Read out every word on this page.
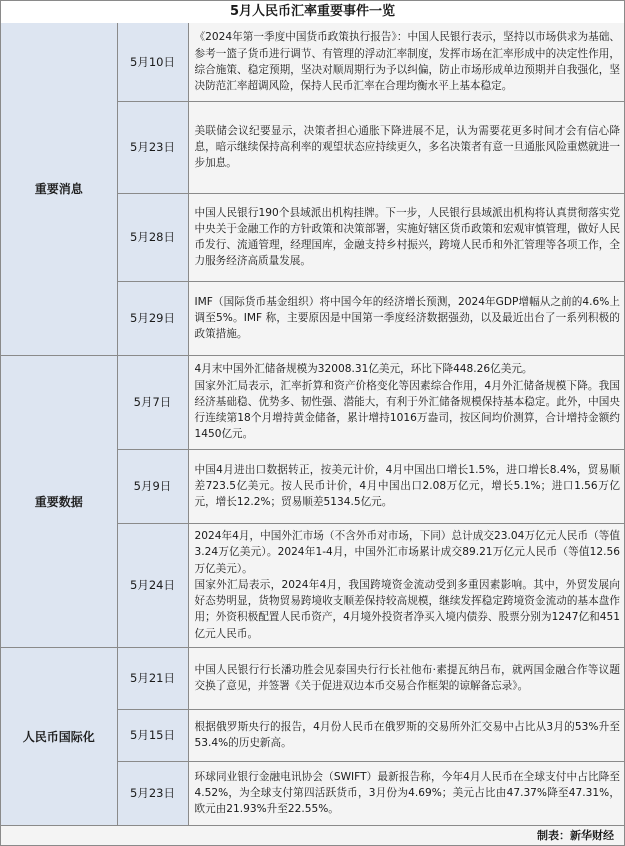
5月人民币汇率重要事件一览
重要消息	5月10日	《2024年第一季度中国货币政策执行报告》：中国人民银行表示，坚持以市场供求为基础、参考一篮子货币进行调节、有管理的浮动汇率制度，发挥市场在汇率形成中的决定性作用，综合施策、稳定预期，坚决对顺周期行为予以纠偏，防止市场形成单边预期并自我强化，坚决防范汇率超调风险，保持人民币汇率在合理均衡水平上基本稳定。

	5月23日	美联储会议纪要显示，决策者担心通胀下降进展不足，认为需要花更多时间才会有信心降息，暗示继续保持高利率的观望状态应持续更久，多名决策者有意一旦通胀风险重燃就进一步加息。

	5月28日	中国人民银行190个县域派出机构挂牌。下一步，人民银行县域派出机构将认真贯彻落实党中央关于金融工作的方针政策和决策部署，实施好辖区货币政策和宏观审慎管理，做好人民币发行、流通管理，经理国库，金融支持乡村振兴，跨境人民币和外汇管理等各项工作，全力服务经济高质量发展。

	5月29日	IMF（国际货币基金组织）将中国今年的经济增长预测，2024年GDP增幅从之前的4.6%上调至5%。IMF 称，主要原因是中国第一季度经济数据强劲，以及最近出台了一系列积极的政策措施。

重要数据	5月7日	4月末中国外汇储备规模为32008.31亿美元，环比下降448.26亿美元。

国家外汇局表示，汇率折算和资产价格变化等因素综合作用，4月外汇储备规模下降。我国经济基础稳、优势多、韧性强、潜能大，有利于外汇储备规模保持基本稳定。此外，中国央行连续第18个月增持黄金储备，累计增持1016万盎司，按区间均价测算，合计增持金额约1450亿元。

	5月9日	中国4月进出口数据转正，按美元计价，4月中国出口增长1.5%，进口增长8.4%，贸易顺差723.5亿美元。按人民币计价，4月中国出口2.08万亿元，增长5.1%；进口1.56万亿元，增长12.2%；贸易顺差5134.5亿元。

	5月24日	2024年4月，中国外汇市场（不含外币对市场，下同）总计成交23.04万亿元人民币（等值3.24万亿美元）。2024年1-4月，中国外汇市场累计成交89.21万亿元人民币（等值12.56万亿美元）。

国家外汇局表示，2024年4月，我国跨境资金流动受到多重因素影响。其中，外贸发展向好态势明显，货物贸易跨境收支顺差保持较高规模，继续发挥稳定跨境资金流动的基本盘作用；外资积极配置人民币资产，4月境外投资者净买入境内债券、股票分别为1247亿和451亿元人民币。

人民币国际化	5月21日	中国人民银行行长潘功胜会见泰国央行行长社他布·素提瓦纳吕布，就两国金融合作等议题交换了意见，并签署《关于促进双边本币交易合作框架的谅解备忘录》。

	5月15日	根据俄罗斯央行的报告，4月份人民币在俄罗斯的交易所外汇交易中占比从3月的53%升至53.4%的历史新高。

	5月23日	环球同业银行金融电讯协会（SWIFT）最新报告称，今年4月人民币在全球支付中占比降至4.52%，为全球支付第四活跃货币，3月份为4.69%；美元占比由47.37%降至47.31%，欧元由21.93%升至22.55%。

制表：新华财经
